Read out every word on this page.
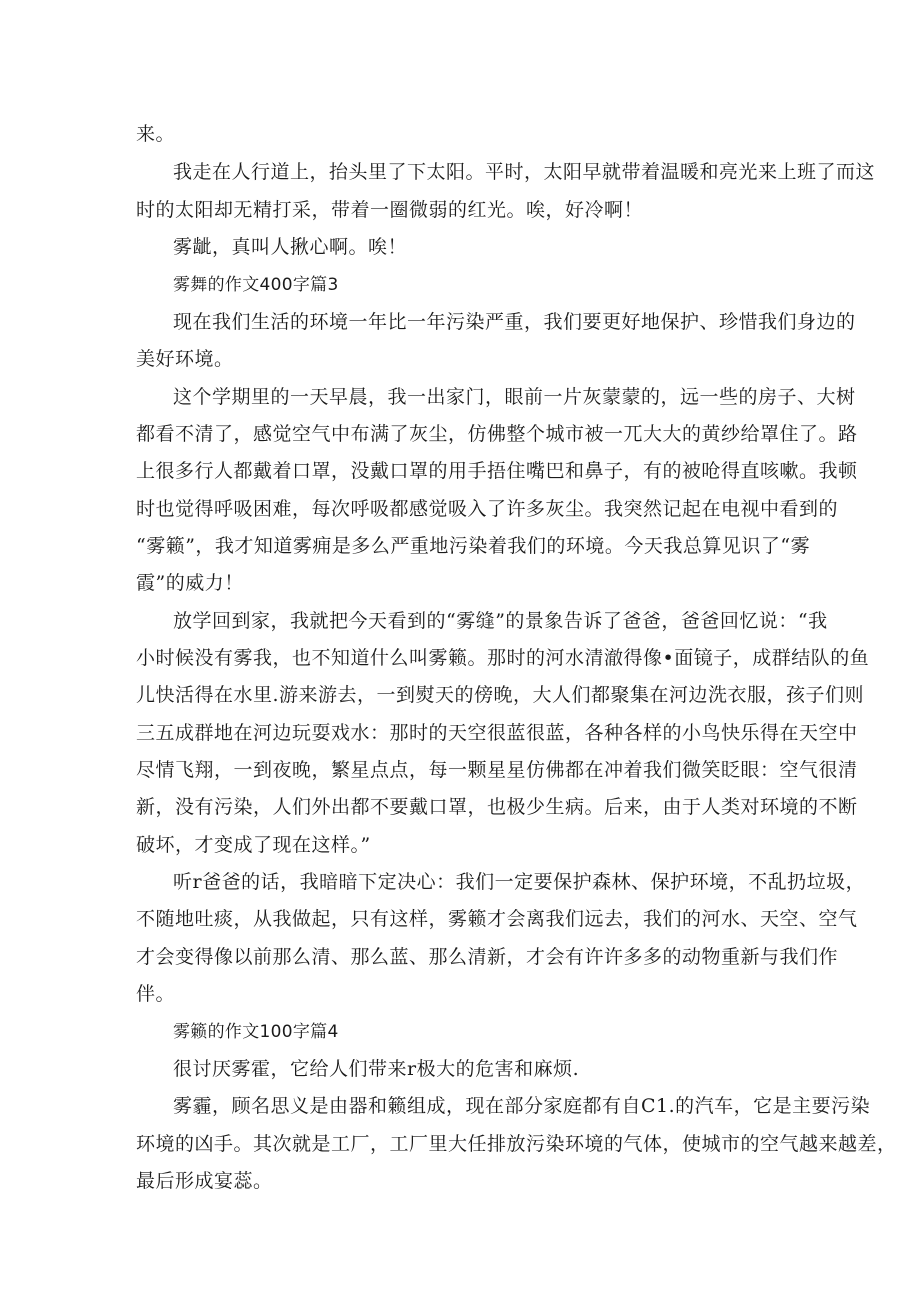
来。

我走在人行道上，抬头里了下太阳。平时，太阳早就带着温暖和亮光来上班了而这

时的太阳却无精打采，带着一圈微弱的红光。唉，好冷啊！

雾龇，真叫人揪心啊。唉！

雾舞的作文400字篇3

现在我们生活的环境一年比一年污染严重，我们要更好地保护、珍惜我们身边的

美好环境。

这个学期里的一天早晨，我一出家门，眼前一片灰蒙蒙的，远一些的房子、大树

都看不清了，感觉空气中布满了灰尘，仿佛整个城市被一兀大大的黄纱给罩住了。路

上很多行人都戴着口罩，没戴口罩的用手捂住嘴巴和鼻子，有的被呛得直咳嗽。我顿

时也觉得呼吸困难，每次呼吸都感觉吸入了许多灰尘。我突然记起在电视中看到的

“雾籁”，我才知道雾痈是多么严重地污染着我们的环境。今天我总算见识了“雾

霞”的威力！

放学回到家，我就把今天看到的“雾缝”的景象告诉了爸爸，爸爸回忆说：“我

小时候没有雾我，也不知道什么叫雾籁。那时的河水清澈得像•面镜子，成群结队的鱼

儿快活得在水里.游来游去，一到熨天的傍晚，大人们都聚集在河边洗衣服，孩子们则

三五成群地在河边玩耍戏水：那时的天空很蓝很蓝，各种各样的小鸟快乐得在天空中

尽情飞翔，一到夜晚，繁星点点，每一颗星星仿佛都在冲着我们微笑眨眼：空气很清

新，没有污染，人们外出都不要戴口罩，也极少生病。后来，由于人类对环境的不断

破坏，才变成了现在这样。”

听r爸爸的话，我暗暗下定决心：我们一定要保护森林、保护环境，不乱扔垃圾，

不随地吐痰，从我做起，只有这样，雾籁才会离我们远去，我们的河水、天空、空气

才会变得像以前那么清、那么蓝、那么清新，才会有许许多多的动物重新与我们作

伴。

雾籁的作文100字篇4

很讨厌雾霍，它给人们带来r极大的危害和麻烦.

雾霾，顾名思义是由器和籁组成，现在部分家庭都有自C1.的汽车，它是主要污染

环境的凶手。其次就是工厂，工厂里大任排放污染环境的气体，使城市的空气越来越差，

最后形成宴蕊。
